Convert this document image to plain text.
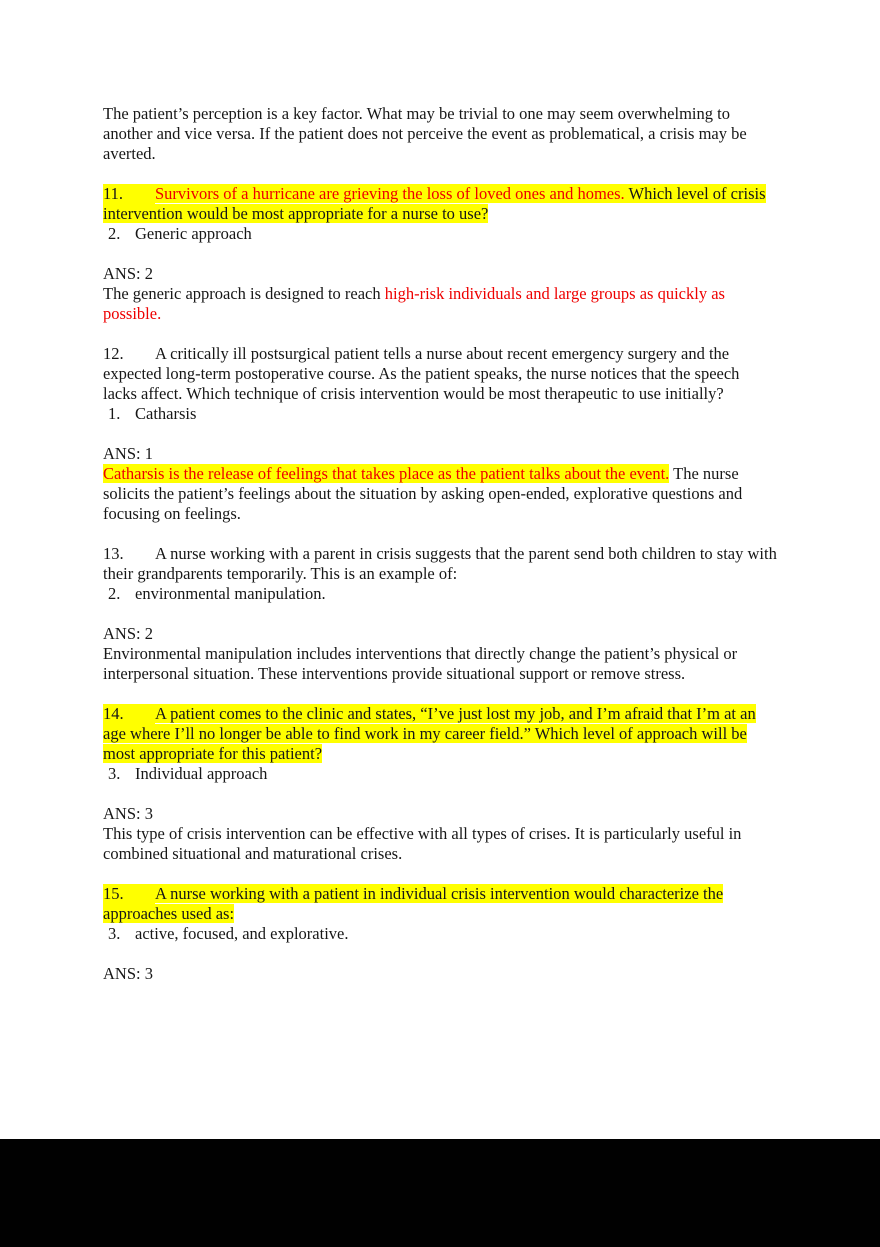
The patient’s perception is a key factor. What may be trivial to one may seem overwhelming to another and vice versa. If the patient does not perceive the event as problematical, a crisis may be averted.

11. Survivors of a hurricane are grieving the loss of loved ones and homes. Which level of crisis intervention would be most appropriate for a nurse to use?

2. Generic approach

ANS: 2

The generic approach is designed to reach high-risk individuals and large groups as quickly as possible.

12. A critically ill postsurgical patient tells a nurse about recent emergency surgery and the expected long-term postoperative course. As the patient speaks, the nurse notices that the speech lacks affect. Which technique of crisis intervention would be most therapeutic to use initially?

1. Catharsis

ANS: 1

Catharsis is the release of feelings that takes place as the patient talks about the event. The nurse solicits the patient’s feelings about the situation by asking open-ended, explorative questions and focusing on feelings.

13. A nurse working with a parent in crisis suggests that the parent send both children to stay with their grandparents temporarily. This is an example of:

2. environmental manipulation.

ANS: 2

Environmental manipulation includes interventions that directly change the patient’s physical or interpersonal situation. These interventions provide situational support or remove stress.

14. A patient comes to the clinic and states, “I’ve just lost my job, and I’m afraid that I’m at an age where I’ll no longer be able to find work in my career field.” Which level of approach will be most appropriate for this patient?

3. Individual approach

ANS: 3

This type of crisis intervention can be effective with all types of crises. It is particularly useful in combined situational and maturational crises.

15. A nurse working with a patient in individual crisis intervention would characterize the approaches used as:

3. active, focused, and explorative.

ANS: 3
